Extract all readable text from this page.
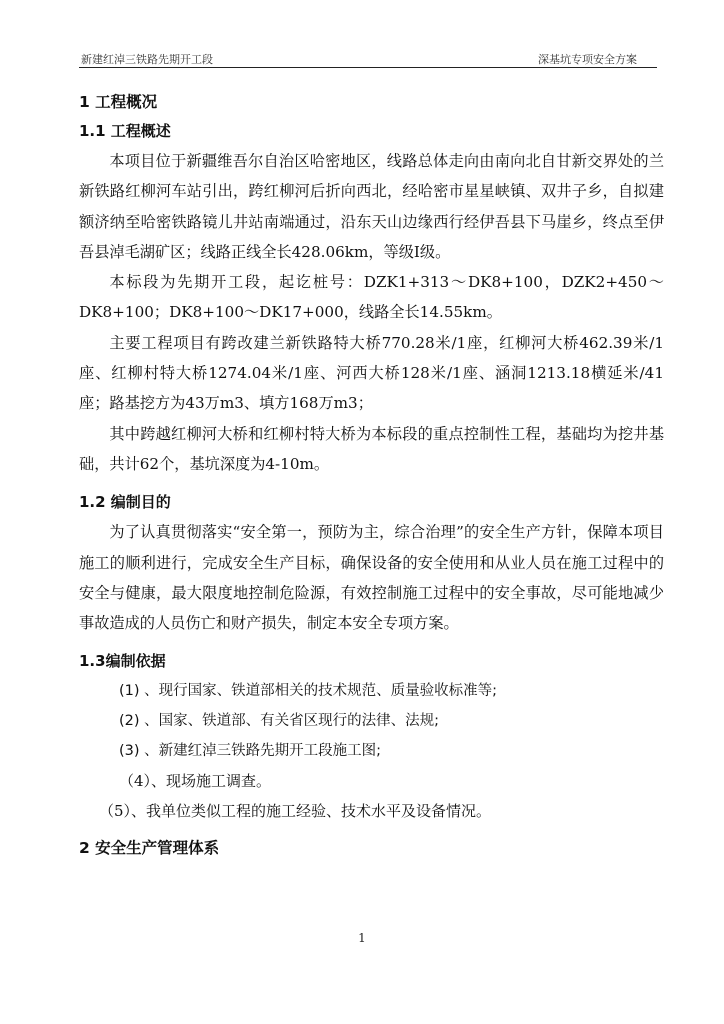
新建红淖三铁路先期开工段	深基坑专项安全方案
1 工程概况
1.1 工程概述

本项目位于新疆维吾尔自治区哈密地区，线路总体走向由南向北自甘新交界处的兰新铁路红柳河车站引出，跨红柳河后折向西北，经哈密市星星峡镇、双井子乡，自拟建额济纳至哈密铁路镜儿井站南端通过，沿东天山边缘西行经伊吾县下马崖乡，终点至伊吾县淖毛湖矿区；线路正线全长428.06km，等级Ⅰ级。

本标段为先期开工段，起讫桩号：DZK1+313～DK8+100，DZK2+450～DK8+100；DK8+100～DK17+000，线路全长14.55km。

主要工程项目有跨改建兰新铁路特大桥770.28米/1座，红柳河大桥462.39米/1座、红柳村特大桥1274.04米/1座、河西大桥128米/1座、涵洞1213.18横延米/41座；路基挖方为43万m3、填方168万m3；

其中跨越红柳河大桥和红柳村特大桥为本标段的重点控制性工程，基础均为挖井基础，共计62个，基坑深度为4-10m。

1.2 编制目的

为了认真贯彻落实“安全第一，预防为主，综合治理”的安全生产方针，保障本项目施工的顺利进行，完成安全生产目标，确保设备的安全使用和从业人员在施工过程中的安全与健康，最大限度地控制危险源，有效控制施工过程中的安全事故，尽可能地减少事故造成的人员伤亡和财产损失，制定本安全专项方案。

1.3编制依据
(1) 、现行国家、铁道部相关的技术规范、质量验收标准等;
(2) 、国家、铁道部、有关省区现行的法律、法规;
(3) 、新建红淖三铁路先期开工段施工图;
（4）、现场施工调查。
（5）、我单位类似工程的施工经验、技术水平及设备情况。
2 安全生产管理体系
1
